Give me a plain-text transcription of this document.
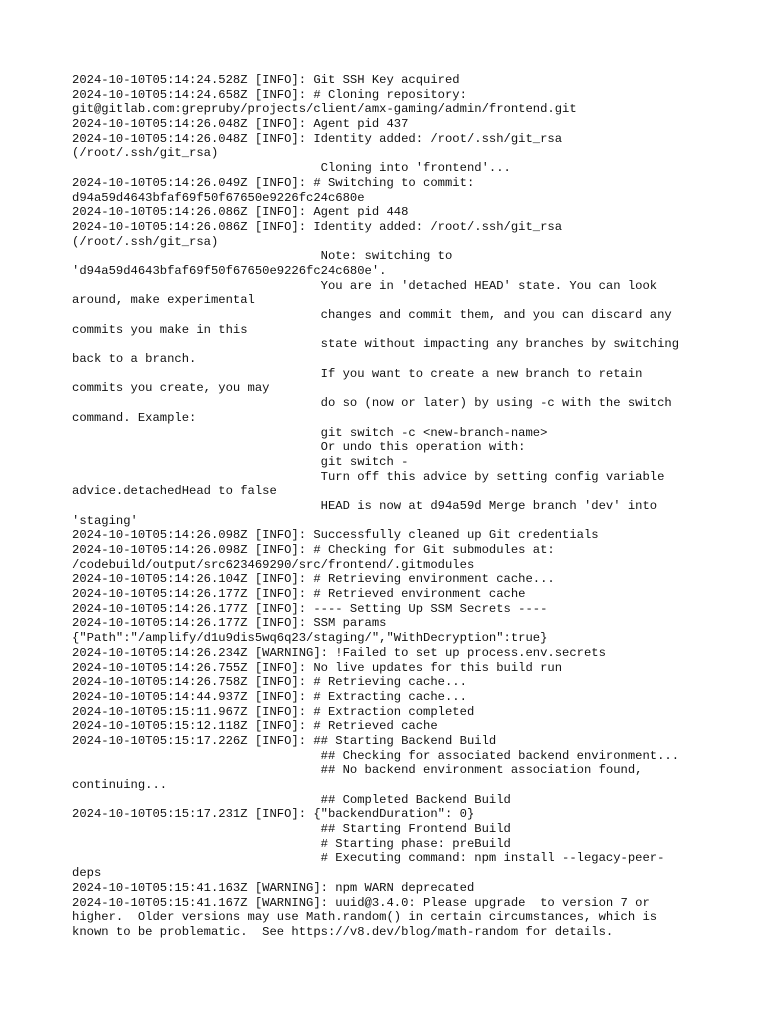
2024-10-10T05:14:24.528Z [INFO]: Git SSH Key acquired
2024-10-10T05:14:24.658Z [INFO]: # Cloning repository:
git@gitlab.com:grepruby/projects/client/amx-gaming/admin/frontend.git
2024-10-10T05:14:26.048Z [INFO]: Agent pid 437
2024-10-10T05:14:26.048Z [INFO]: Identity added: /root/.ssh/git_rsa
(/root/.ssh/git_rsa)
Cloning into 'frontend'...
2024-10-10T05:14:26.049Z [INFO]: # Switching to commit:
d94a59d4643bfaf69f50f67650e9226fc24c680e
2024-10-10T05:14:26.086Z [INFO]: Agent pid 448
2024-10-10T05:14:26.086Z [INFO]: Identity added: /root/.ssh/git_rsa
(/root/.ssh/git_rsa)
Note: switching to
'd94a59d4643bfaf69f50f67650e9226fc24c680e'.
You are in 'detached HEAD' state. You can look
around, make experimental
changes and commit them, and you can discard any
commits you make in this
state without impacting any branches by switching
back to a branch.
If you want to create a new branch to retain
commits you create, you may
do so (now or later) by using -c with the switch
command. Example:
git switch -c <new-branch-name>
Or undo this operation with:
git switch -
Turn off this advice by setting config variable
advice.detachedHead to false
HEAD is now at d94a59d Merge branch 'dev' into
'staging'
2024-10-10T05:14:26.098Z [INFO]: Successfully cleaned up Git credentials
2024-10-10T05:14:26.098Z [INFO]: # Checking for Git submodules at:
/codebuild/output/src623469290/src/frontend/.gitmodules
2024-10-10T05:14:26.104Z [INFO]: # Retrieving environment cache...
2024-10-10T05:14:26.177Z [INFO]: # Retrieved environment cache
2024-10-10T05:14:26.177Z [INFO]: ---- Setting Up SSM Secrets ----
2024-10-10T05:14:26.177Z [INFO]: SSM params
{"Path":"/amplify/d1u9dis5wq6q23/staging/","WithDecryption":true}
2024-10-10T05:14:26.234Z [WARNING]: !Failed to set up process.env.secrets
2024-10-10T05:14:26.755Z [INFO]: No live updates for this build run
2024-10-10T05:14:26.758Z [INFO]: # Retrieving cache...
2024-10-10T05:14:44.937Z [INFO]: # Extracting cache...
2024-10-10T05:15:11.967Z [INFO]: # Extraction completed
2024-10-10T05:15:12.118Z [INFO]: # Retrieved cache
2024-10-10T05:15:17.226Z [INFO]: ## Starting Backend Build
## Checking for associated backend environment...
## No backend environment association found,
continuing...
## Completed Backend Build
2024-10-10T05:15:17.231Z [INFO]: {"backendDuration": 0}
## Starting Frontend Build
# Starting phase: preBuild
# Executing command: npm install --legacy-peer-
deps
2024-10-10T05:15:41.163Z [WARNING]: npm WARN deprecated
2024-10-10T05:15:41.167Z [WARNING]: uuid@3.4.0: Please upgrade  to version 7 or
higher.  Older versions may use Math.random() in certain circumstances, which is
known to be problematic.  See https://v8.dev/blog/math-random for details.
